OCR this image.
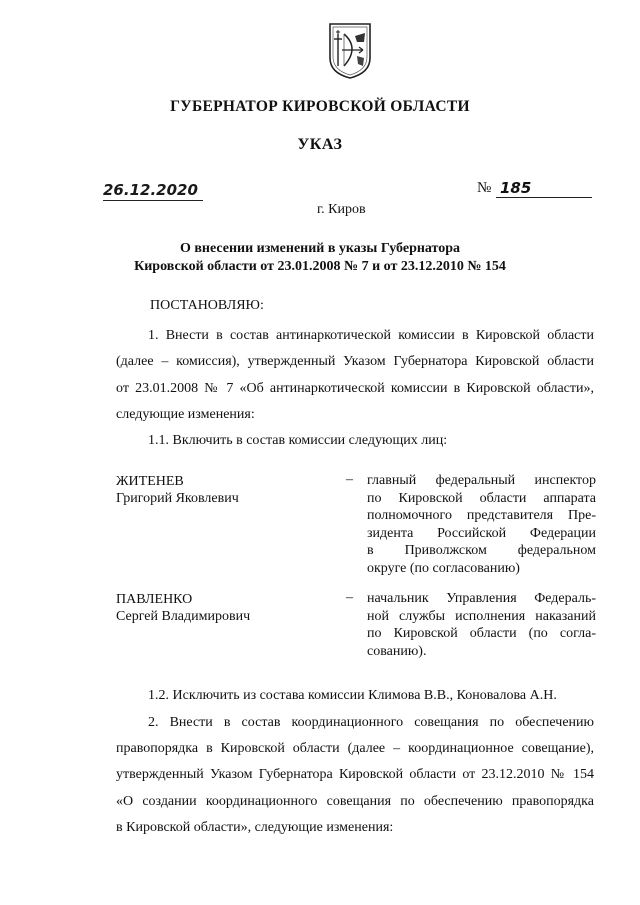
ГУБЕРНАТОР КИРОВСКОЙ ОБЛАСТИ
УКАЗ
26.12.2020	№ 185
г. Киров
О внесении изменений в указы Губернатора
Кировской области от 23.01.2008 № 7 и от 23.12.2010 № 154
ПОСТАНОВЛЯЮ:
1. Внести в состав антинаркотической комиссии в Кировской области
(далее – комиссия), утвержденный Указом Губернатора Кировской области
от 23.01.2008 № 7 «Об антинаркотической комиссии в Кировской области»,
следующие изменения:
1.1. Включить в состав комиссии следующих лиц:
ЖИТЕНЕВ
Григорий Яковлевич
– главный федеральный инспектор
по Кировской области аппарата
полномочного представителя Пре-
зидента Российской Федерации
в Приволжском федеральном
округе (по согласованию)
ПАВЛЕНКО
Сергей Владимирович
– начальник Управления Федераль-
ной службы исполнения наказаний
по Кировской области (по согла-
сованию).
1.2. Исключить из состава комиссии Климова В.В., Коновалова А.Н.
2. Внести в состав координационного совещания по обеспечению
правопорядка в Кировской области (далее – координационное совещание),
утвержденный Указом Губернатора Кировской области от 23.12.2010 № 154
«О создании координационного совещания по обеспечению правопорядка
в Кировской области», следующие изменения:
